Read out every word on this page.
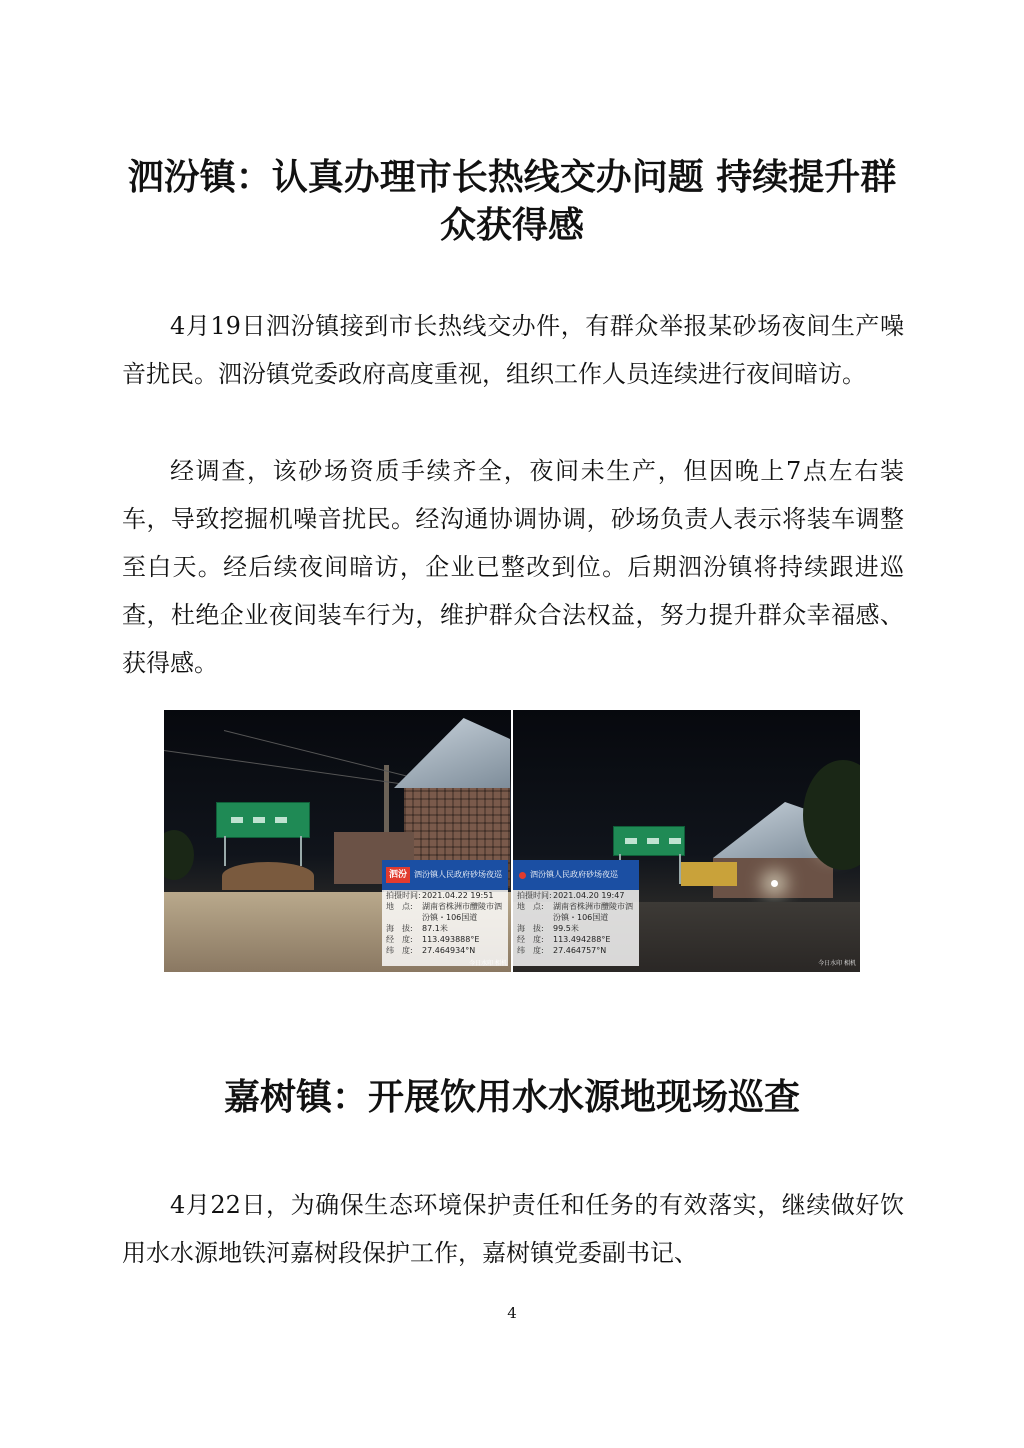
泗汾镇：认真办理市长热线交办问题 持续提升群众获得感

4月19日泗汾镇接到市长热线交办件，有群众举报某砂场夜间生产噪音扰民。泗汾镇党委政府高度重视，组织工作人员连续进行夜间暗访。

经调查，该砂场资质手续齐全，夜间未生产，但因晚上7点左右装车，导致挖掘机噪音扰民。经沟通协调协调，砂场负责人表示将装车调整至白天。经后续夜间暗访，企业已整改到位。后期泗汾镇将持续跟进巡查，杜绝企业夜间装车行为，维护群众合法权益，努力提升群众幸福感、获得感。

泗汾 泗汾镇人民政府砂场夜巡
拍摄时间: 2021.04.22 19:51
地　点:	湖南省株洲市醴陵市泗汾镇・106国道
海　拔:	87.1米
经　度:	113.493888°E
纬　度:	27.464934°N
今日水印 相机
泗汾镇人民政府砂场夜巡
拍摄时间: 2021.04.20 19:47
地　点:	湖南省株洲市醴陵市泗汾镇・106国道
海　拔:	99.5米
经　度:	113.494288°E
纬　度:	27.464757°N
今日水印 相机
嘉树镇：开展饮用水水源地现场巡查

4月22日，为确保生态环境保护责任和任务的有效落实，继续做好饮用水水源地铁河嘉树段保护工作，嘉树镇党委副书记、

4
